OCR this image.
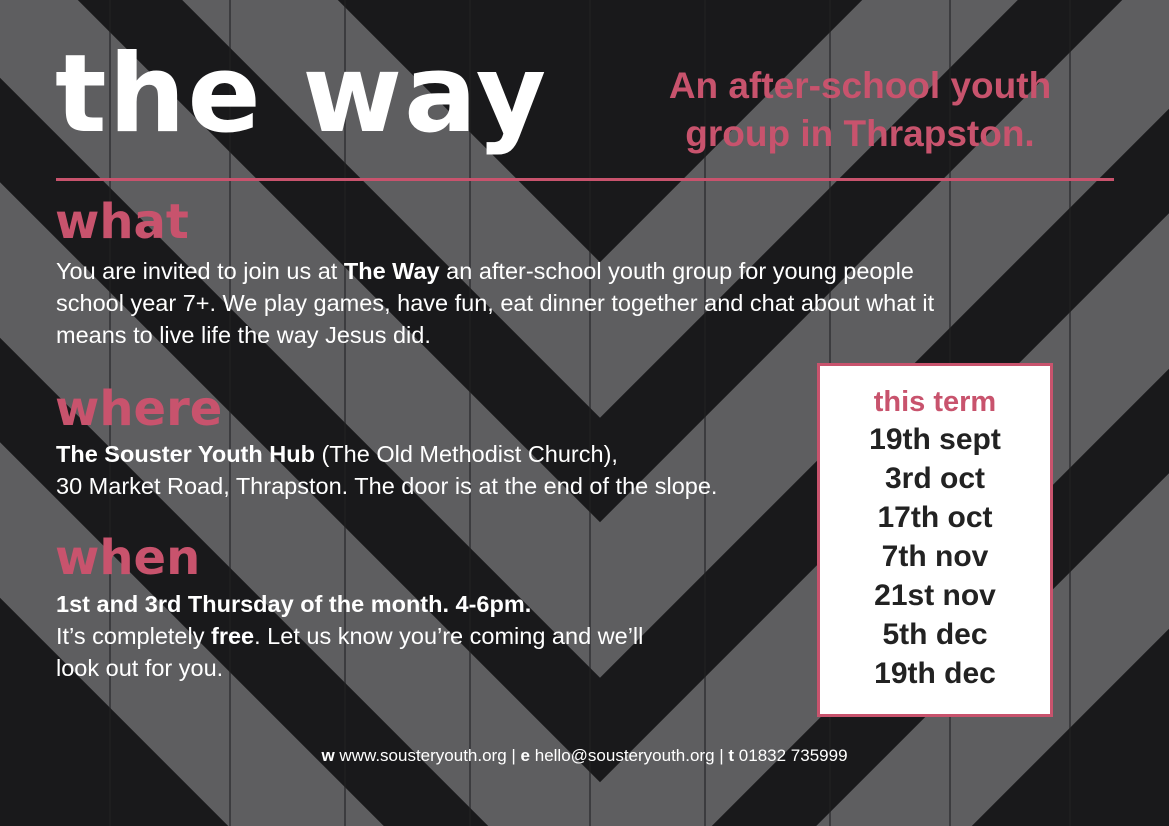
the way	An after-school youth
group in Thrapston.
what

You are invited to join us at The Way an after-school youth group for young people
school year 7+. We play games, have fun, eat dinner together and chat about what it
means to live life the way Jesus did.

where

The Souster Youth Hub (The Old Methodist Church),
30 Market Road, Thrapston. The door is at the end of the slope.

when

1st and 3rd Thursday of the month. 4-6pm.
It’s completely free. Let us know you’re coming and we’ll
look out for you.

this term
19th sept
3rd oct
17th oct
7th nov
21st nov
5th dec
19th dec
w www.sousteryouth.org | e hello@sousteryouth.org | t 01832 735999
